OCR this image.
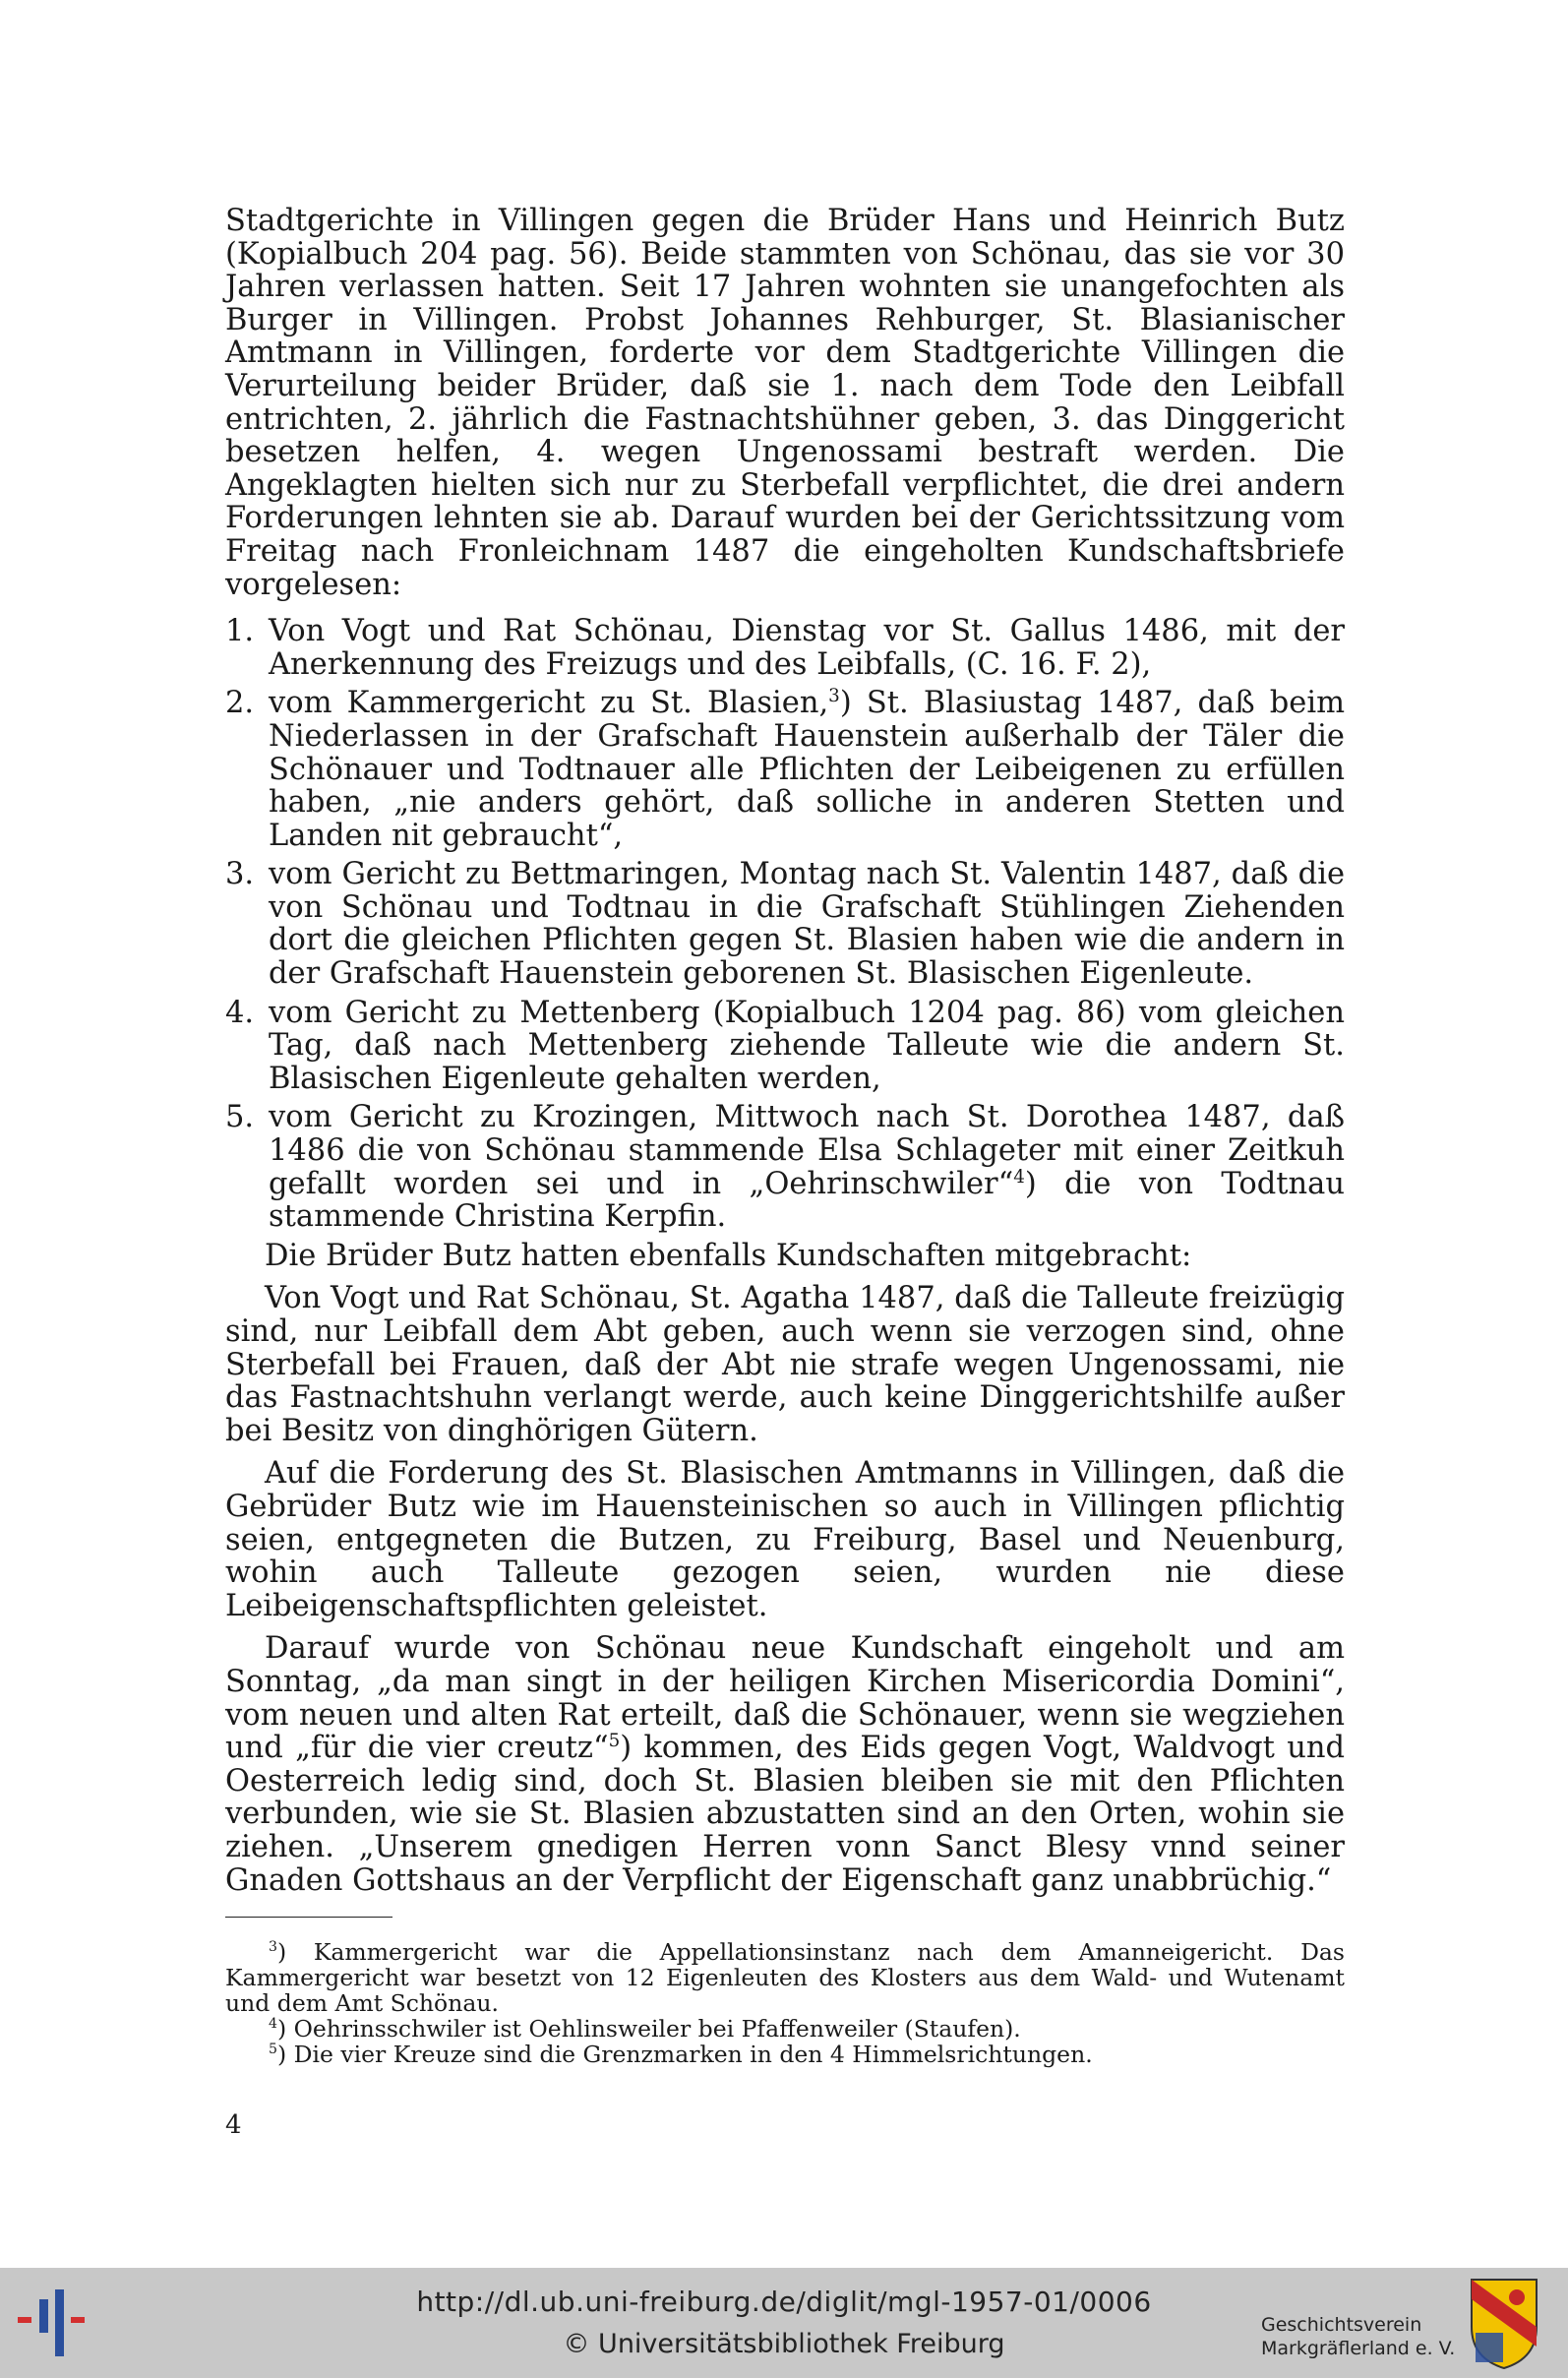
Stadtgerichte in Villingen gegen die Brüder Hans und Heinrich Butz (Kopialbuch 204 pag. 56). Beide stammten von Schönau, das sie vor 30 Jahren verlassen hatten. Seit 17 Jahren wohnten sie unangefochten als Burger in Villingen. Probst Johannes Rehburger, St. Blasianischer Amtmann in Villingen, forderte vor dem Stadtgerichte Villingen die Verurteilung beider Brüder, daß sie 1. nach dem Tode den Leibfall entrichten, 2. jährlich die Fastnachtshühner geben, 3. das Dinggericht besetzen helfen, 4. wegen Ungenossami bestraft werden. Die Angeklagten hielten sich nur zu Sterbefall verpflichtet, die drei andern Forderungen lehnten sie ab. Darauf wurden bei der Gerichtssitzung vom Freitag nach Fronleichnam 1487 die eingeholten Kundschaftsbriefe vorgelesen:

1. Von Vogt und Rat Schönau, Dienstag vor St. Gallus 1486, mit der Anerkennung des Freizugs und des Leibfalls, (C. 16. F. 2),
2. vom Kammergericht zu St. Blasien,$^3$) St. Blasiustag 1487, daß beim Niederlassen in der Grafschaft Hauenstein außerhalb der Täler die Schönauer und Todtnauer alle Pflichten der Leibeigenen zu erfüllen haben, „nie anders gehört, daß solliche in anderen Stetten und Landen nit gebraucht“,
3. vom Gericht zu Bettmaringen, Montag nach St. Valentin 1487, daß die von Schönau und Todtnau in die Grafschaft Stühlingen Ziehenden dort die gleichen Pflichten gegen St. Blasien haben wie die andern in der Grafschaft Hauenstein geborenen St. Blasischen Eigenleute.
4. vom Gericht zu Mettenberg (Kopialbuch 1204 pag. 86) vom gleichen Tag, daß nach Mettenberg ziehende Talleute wie die andern St. Blasischen Eigenleute gehalten werden,
5. vom Gericht zu Krozingen, Mittwoch nach St. Dorothea 1487, daß 1486 die von Schönau stammende Elsa Schlageter mit einer Zeitkuh gefallt worden sei und in „Oehrinschwiler“$^4$) die von Todtnau stammende Christina Kerpfin.

Die Brüder Butz hatten ebenfalls Kundschaften mitgebracht:

Von Vogt und Rat Schönau, St. Agatha 1487, daß die Talleute freizügig sind, nur Leibfall dem Abt geben, auch wenn sie verzogen sind, ohne Sterbefall bei Frauen, daß der Abt nie strafe wegen Ungenossami, nie das Fastnachtshuhn verlangt werde, auch keine Dinggerichtshilfe außer bei Besitz von dinghörigen Gütern.

Auf die Forderung des St. Blasischen Amtmanns in Villingen, daß die Gebrüder Butz wie im Hauensteinischen so auch in Villingen pflichtig seien, entgegneten die Butzen, zu Freiburg, Basel und Neuenburg, wohin auch Talleute gezogen seien, wurden nie diese Leibeigenschaftspflichten geleistet.

Darauf wurde von Schönau neue Kundschaft eingeholt und am Sonntag, „da man singt in der heiligen Kirchen Misericordia Domini“, vom neuen und alten Rat erteilt, daß die Schönauer, wenn sie wegziehen und „für die vier creutz“$^5$) kommen, des Eids gegen Vogt, Waldvogt und Oesterreich ledig sind, doch St. Blasien bleiben sie mit den Pflichten verbunden, wie sie St. Blasien abzustatten sind an den Orten, wohin sie ziehen. „Unserem gnedigen Herren vonn Sanct Blesy vnnd seiner Gnaden Gottshaus an der Verpflicht der Eigenschaft ganz unabbrüchig.“

$^3$) Kammergericht war die Appellationsinstanz nach dem Amanneigericht. Das Kammergericht war besetzt von 12 Eigenleuten des Klosters aus dem Wald- und Wutenamt und dem Amt Schönau.

$^4$) Oehrinsschwiler ist Oehlinsweiler bei Pfaffenweiler (Staufen).

$^5$) Die vier Kreuze sind die Grenzmarken in den 4 Himmelsrichtungen.

4
http://dl.ub.uni-freiburg.de/diglit/mgl-1957-01/0006
© Universitätsbibliothek Freiburg
Geschichtsverein
Markgräflerland e. V.
